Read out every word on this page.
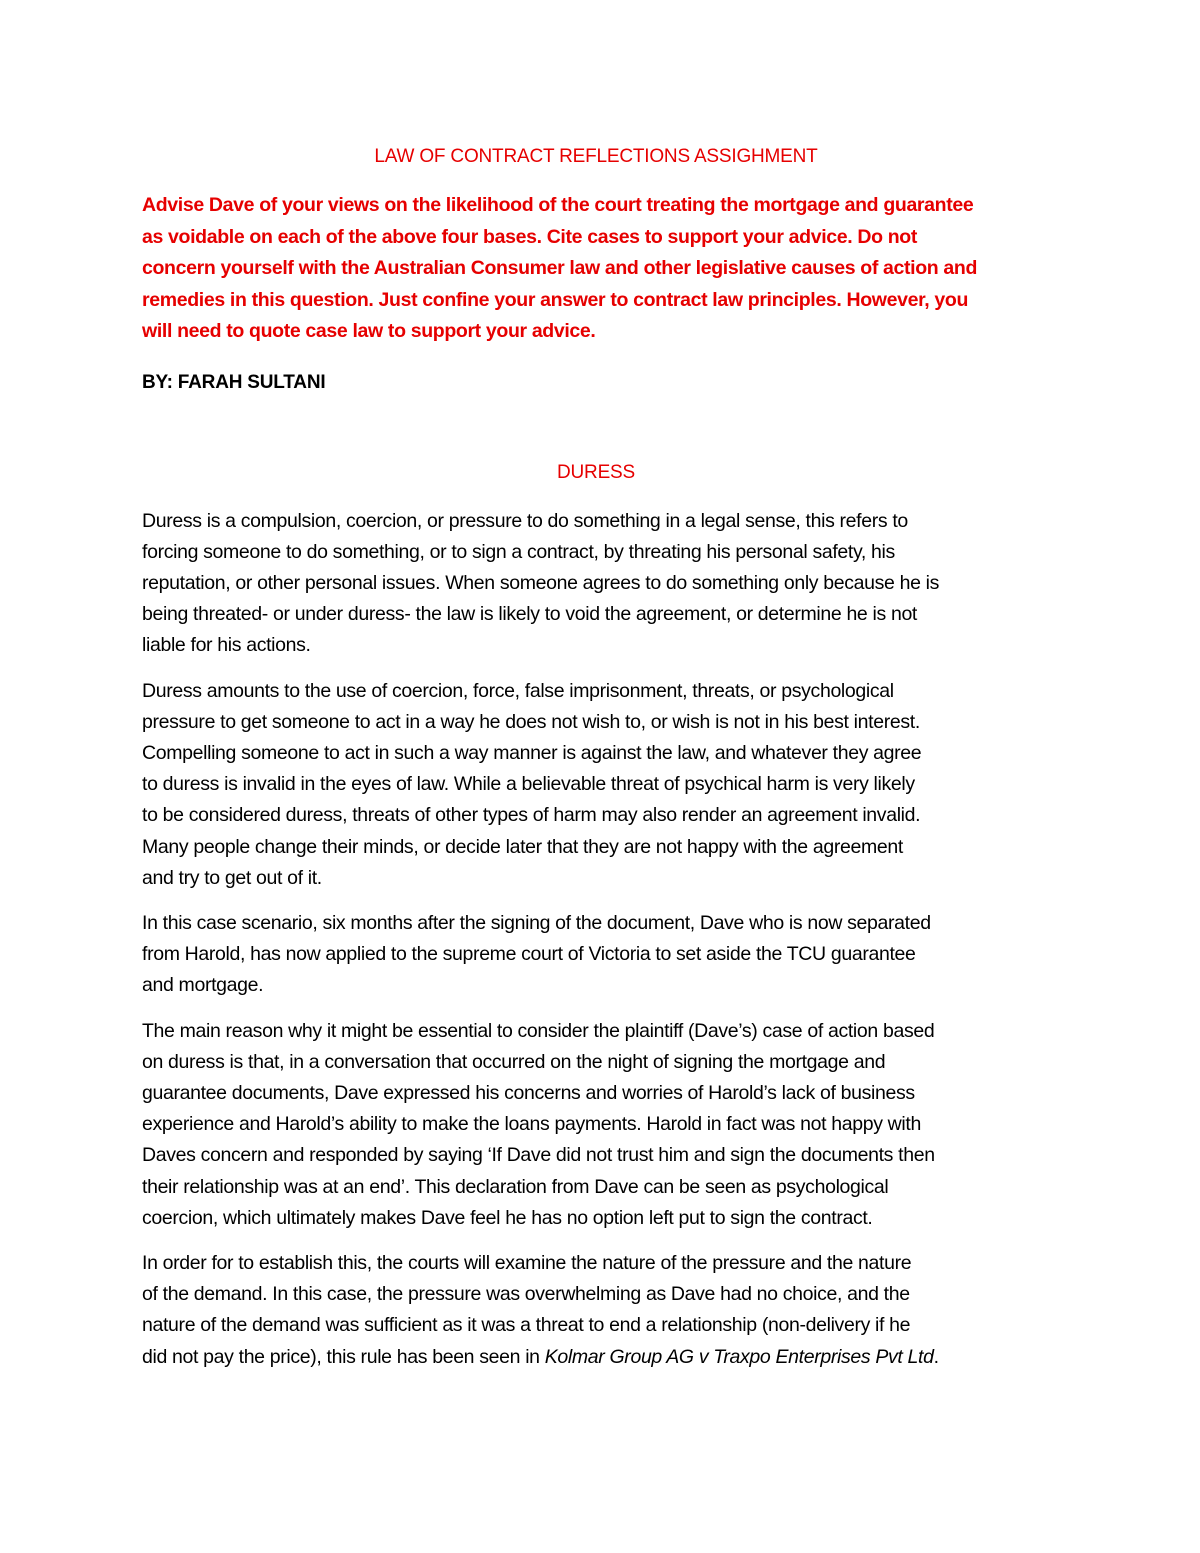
LAW OF CONTRACT REFLECTIONS ASSIGHMENT
Advise Dave of your views on the likelihood of the court treating the mortgage and guarantee
as voidable on each of the above four bases. Cite cases to support your advice. Do not
concern yourself with the Australian Consumer law and other legislative causes of action and
remedies in this question. Just confine your answer to contract law principles. However, you
will need to quote case law to support your advice.
BY: FARAH SULTANI
DURESS
Duress is a compulsion, coercion, or pressure to do something in a legal sense, this refers to
forcing someone to do something, or to sign a contract, by threating his personal safety, his
reputation, or other personal issues. When someone agrees to do something only because he is
being threated- or under duress- the law is likely to void the agreement, or determine he is not
liable for his actions.
Duress amounts to the use of coercion, force, false imprisonment, threats, or psychological
pressure to get someone to act in a way he does not wish to, or wish is not in his best interest.
Compelling someone to act in such a way manner is against the law, and whatever they agree
to duress is invalid in the eyes of law. While a believable threat of psychical harm is very likely
to be considered duress, threats of other types of harm may also render an agreement invalid.
Many people change their minds, or decide later that they are not happy with the agreement
and try to get out of it.
In this case scenario, six months after the signing of the document, Dave who is now separated
from Harold, has now applied to the supreme court of Victoria to set aside the TCU guarantee
and mortgage.
The main reason why it might be essential to consider the plaintiff (Dave’s) case of action based
on duress is that, in a conversation that occurred on the night of signing the mortgage and
guarantee documents, Dave expressed his concerns and worries of Harold’s lack of business
experience and Harold’s ability to make the loans payments. Harold in fact was not happy with
Daves concern and responded by saying ‘If Dave did not trust him and sign the documents then
their relationship was at an end’. This declaration from Dave can be seen as psychological
coercion, which ultimately makes Dave feel he has no option left put to sign the contract.
In order for to establish this, the courts will examine the nature of the pressure and the nature
of the demand. In this case, the pressure was overwhelming as Dave had no choice, and the
nature of the demand was sufficient as it was a threat to end a relationship (non-delivery if he
did not pay the price), this rule has been seen in Kolmar Group AG v Traxpo Enterprises Pvt Ltd.
